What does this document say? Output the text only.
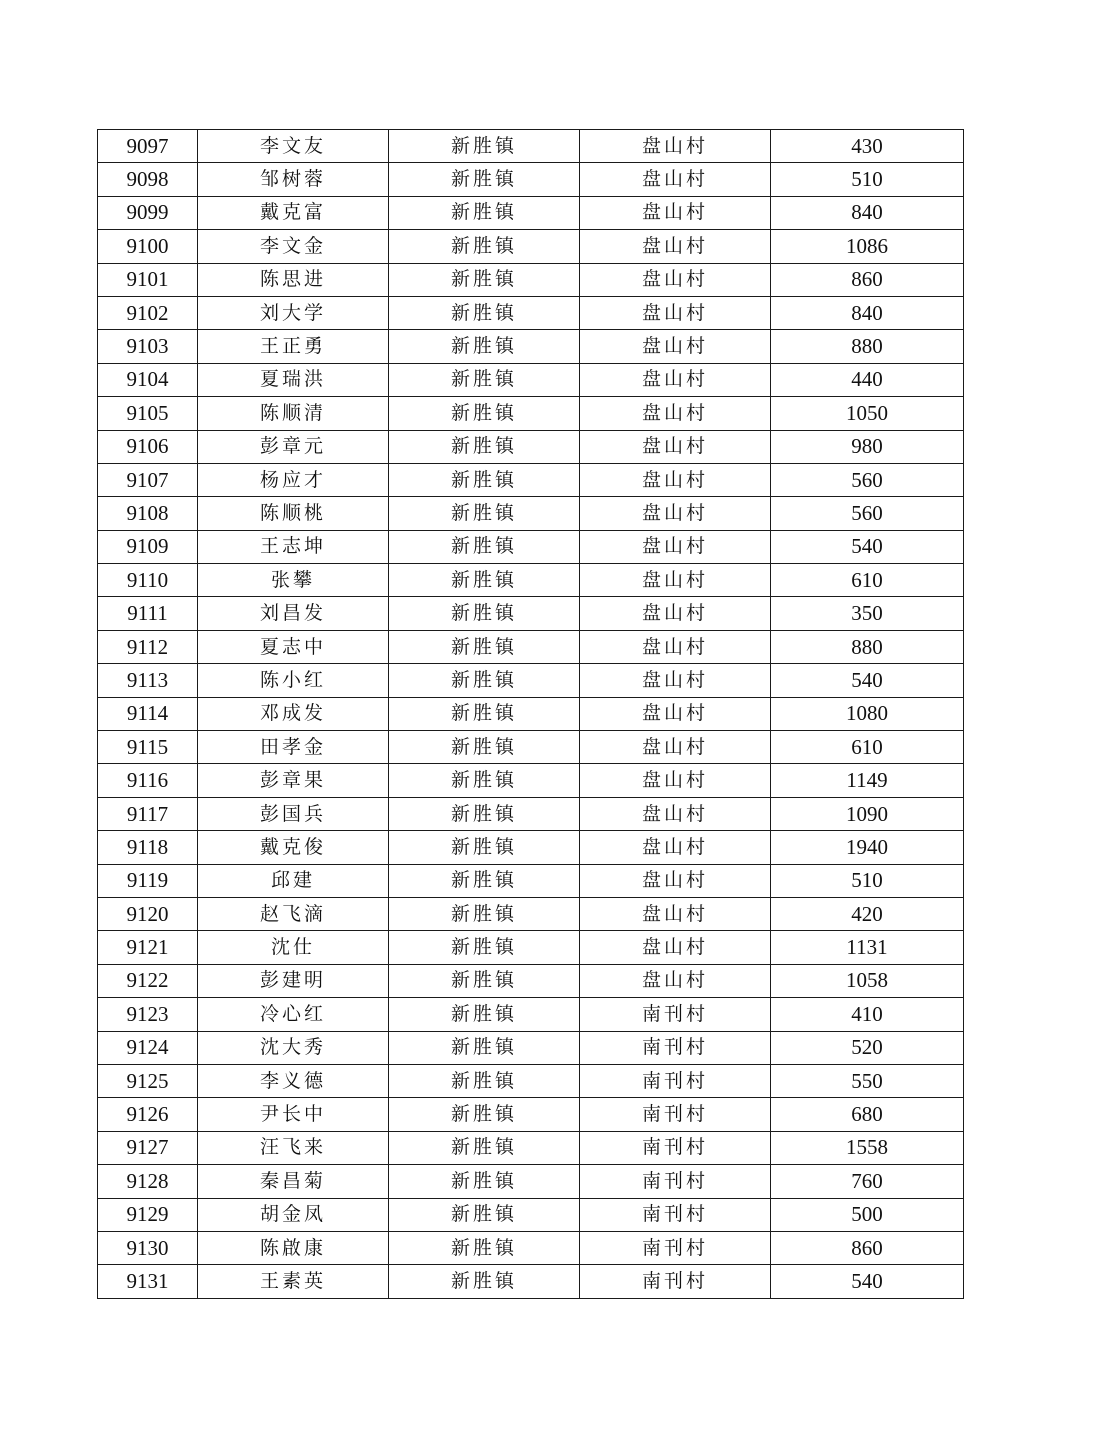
9097	李文友	新胜镇	盘山村	430
9098	邹树蓉	新胜镇	盘山村	510
9099	戴克富	新胜镇	盘山村	840
9100	李文金	新胜镇	盘山村	1086
9101	陈思进	新胜镇	盘山村	860
9102	刘大学	新胜镇	盘山村	840
9103	王正勇	新胜镇	盘山村	880
9104	夏瑞洪	新胜镇	盘山村	440
9105	陈顺清	新胜镇	盘山村	1050
9106	彭章元	新胜镇	盘山村	980
9107	杨应才	新胜镇	盘山村	560
9108	陈顺桃	新胜镇	盘山村	560
9109	王志坤	新胜镇	盘山村	540
9110	张攀	新胜镇	盘山村	610
9111	刘昌发	新胜镇	盘山村	350
9112	夏志中	新胜镇	盘山村	880
9113	陈小红	新胜镇	盘山村	540
9114	邓成发	新胜镇	盘山村	1080
9115	田孝金	新胜镇	盘山村	610
9116	彭章果	新胜镇	盘山村	1149
9117	彭国兵	新胜镇	盘山村	1090
9118	戴克俊	新胜镇	盘山村	1940
9119	邱建	新胜镇	盘山村	510
9120	赵飞滴	新胜镇	盘山村	420
9121	沈仕	新胜镇	盘山村	1131
9122	彭建明	新胜镇	盘山村	1058
9123	冷心红	新胜镇	南刊村	410
9124	沈大秀	新胜镇	南刊村	520
9125	李义德	新胜镇	南刊村	550
9126	尹长中	新胜镇	南刊村	680
9127	汪飞来	新胜镇	南刊村	1558
9128	秦昌菊	新胜镇	南刊村	760
9129	胡金凤	新胜镇	南刊村	500
9130	陈啟康	新胜镇	南刊村	860
9131	王素英	新胜镇	南刊村	540
